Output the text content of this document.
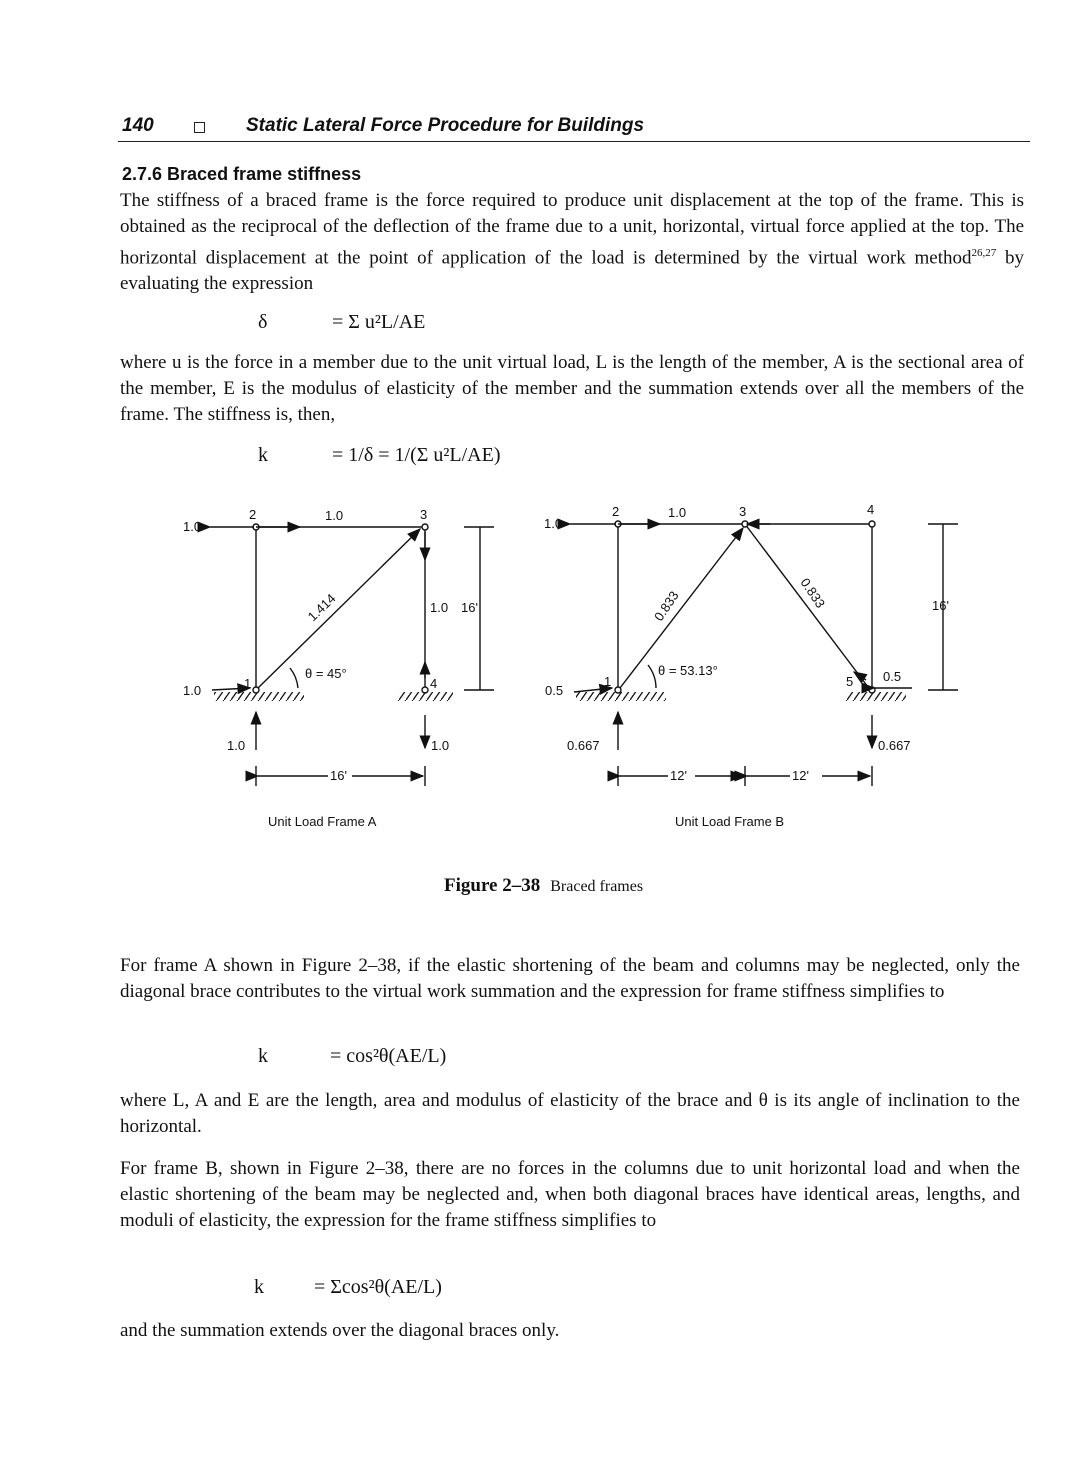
140	Static Lateral Force Procedure for Buildings
2.7.6 Braced frame stiffness
The stiffness of a braced frame is the force required to produce unit displacement at the top of the frame. This is obtained as the reciprocal of the deflection of the frame due to a unit, horizontal, virtual force applied at the top. The horizontal displacement at the point of application of the load is determined by the virtual work method$^{26,27}$ by evaluating the expression
δ	= Σ u²L/AE
where u is the force in a member due to the unit virtual load, L is the length of the member, A is the sectional area of the member, E is the modulus of elasticity of the member and the summation extends over all the members of the frame. The stiffness is, then,
k	= 1/δ = 1/(Σ u²L/AE)
1.0
2	3
1	4
1.0
1.414	1.0 16'
θ = 45°
1.0
1.0	1.0
16'
Unit Load Frame A
1.0
2	3	4
1	5
1.0
0.833	0.833	16'
θ = 53.13°
0.5
0.5
0.667	0.667
12'	12'
Unit Load Frame B
Figure 2–38 Braced frames
For frame A shown in Figure 2–38, if the elastic shortening of the beam and columns may be neglected, only the diagonal brace contributes to the virtual work summation and the expression for frame stiffness simplifies to
k	= cos²θ(AE/L)
where L, A and E are the length, area and modulus of elasticity of the brace and θ is its angle of inclination to the horizontal.
For frame B, shown in Figure 2–38, there are no forces in the columns due to unit horizontal load and when the elastic shortening of the beam may be neglected and, when both diagonal braces have identical areas, lengths, and moduli of elasticity, the expression for the frame stiffness simplifies to
k	= Σcos²θ(AE/L)
and the summation extends over the diagonal braces only.
